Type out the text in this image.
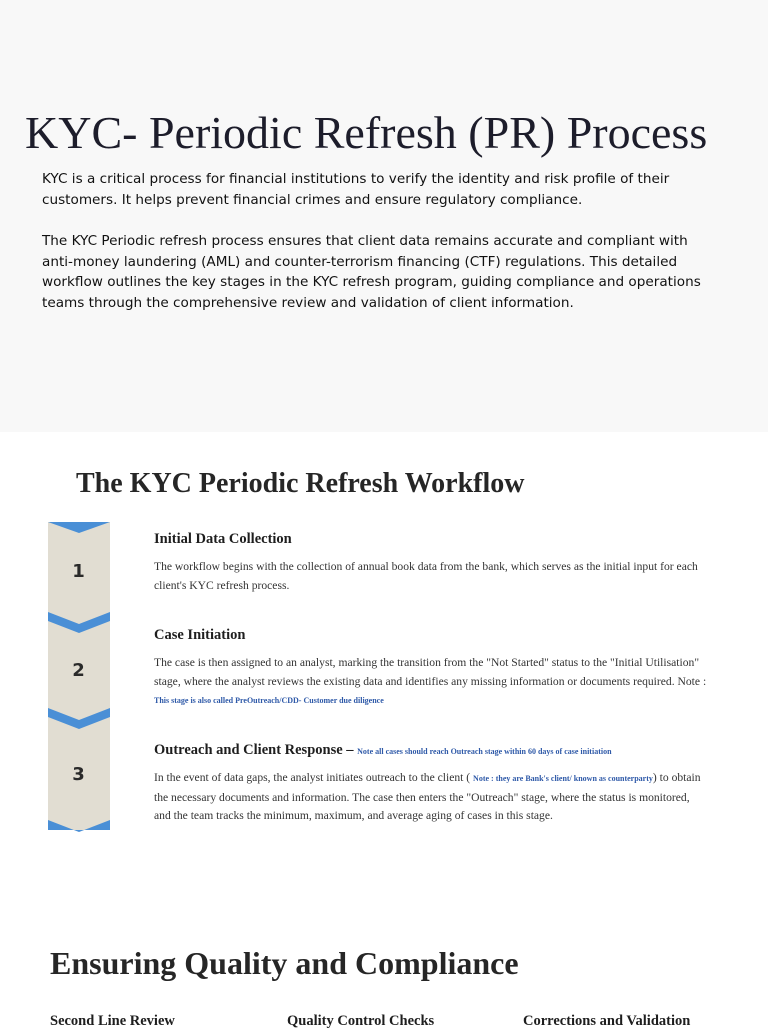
KYC- Periodic Refresh (PR) Process

KYC is a critical process for financial institutions to verify the identity and risk profile of their customers. It helps prevent financial crimes and ensure regulatory compliance.

The KYC Periodic refresh process ensures that client data remains accurate and compliant with anti-money laundering (AML) and counter-terrorism financing (CTF) regulations. This detailed workflow outlines the key stages in the KYC refresh program, guiding compliance and operations teams through the comprehensive review and validation of client information.

The KYC Periodic Refresh Workflow
1
2
3
Initial Data Collection

The workflow begins with the collection of annual book data from the bank, which serves as the initial input for each client's KYC refresh process.

Case Initiation

The case is then assigned to an analyst, marking the transition from the "Not Started" status to the "Initial Utilisation" stage, where the analyst reviews the existing data and identifies any missing information or documents required. Note : This stage is also called PreOutreach/CDD- Customer due diligence

Outreach and Client Response – Note all cases should reach Outreach stage within 60 days of case initiation

In the event of data gaps, the analyst initiates outreach to the client ( Note : they are Bank's client/ known as counterparty) to obtain the necessary documents and information. The case then enters the "Outreach" stage, where the status is monitored, and the team tracks the minimum, maximum, and average aging of cases in this stage.

Ensuring Quality and Compliance
Second Line Review	Quality Control Checks	Corrections and Validation
